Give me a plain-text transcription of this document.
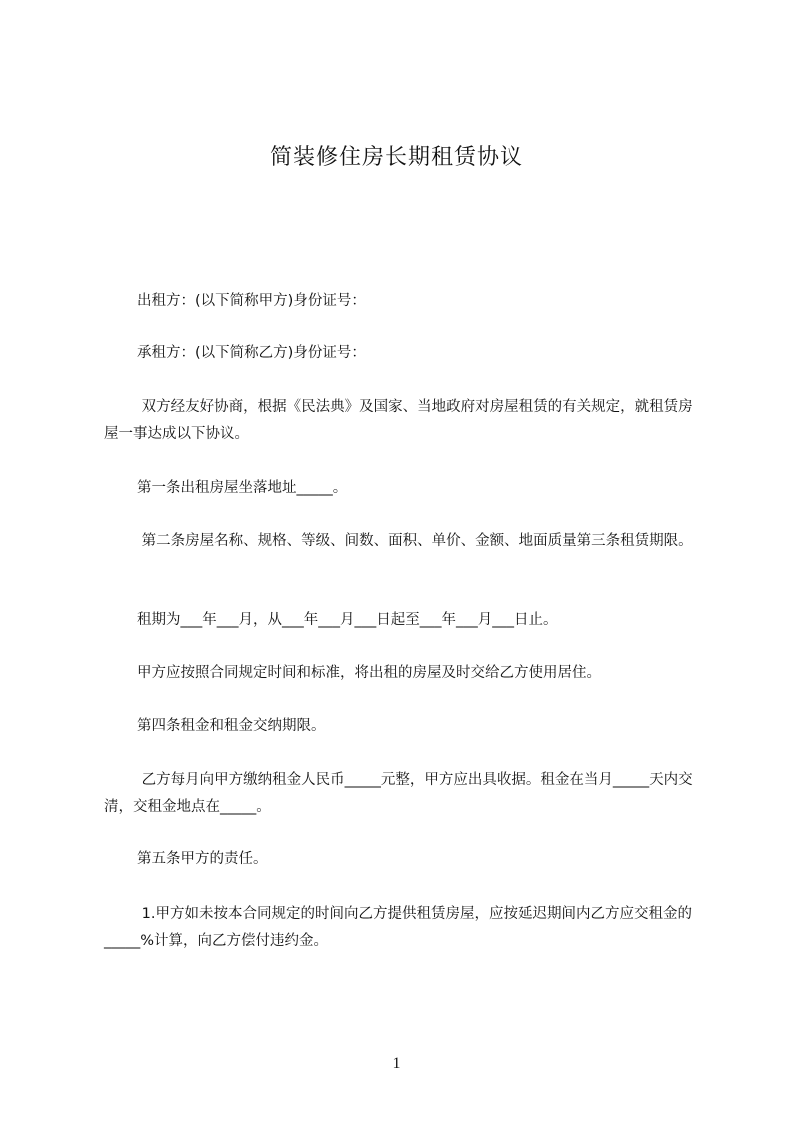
简装修住房长期租赁协议

出租方：(以下简称甲方)身份证号：

承租方：(以下简称乙方)身份证号：

双方经友好协商，根据《民法典》及国家、当地政府对房屋租赁的有关规定，就租赁房屋一事达成以下协议。

第一条出租房屋坐落地址_____。

第二条房屋名称、规格、等级、间数、面积、单价、金额、地面质量第三条租赁期限。

租期为___年___月，从___年___月___日起至___年___月___日止。

甲方应按照合同规定时间和标准，将出租的房屋及时交给乙方使用居住。

第四条租金和租金交纳期限。

乙方每月向甲方缴纳租金人民币_____元整，甲方应出具收据。租金在当月_____天内交清，交租金地点在_____。

第五条甲方的责任。

1.甲方如未按本合同规定的时间向乙方提供租赁房屋，应按延迟期间内乙方应交租金的_____%计算，向乙方偿付违约金。

1
